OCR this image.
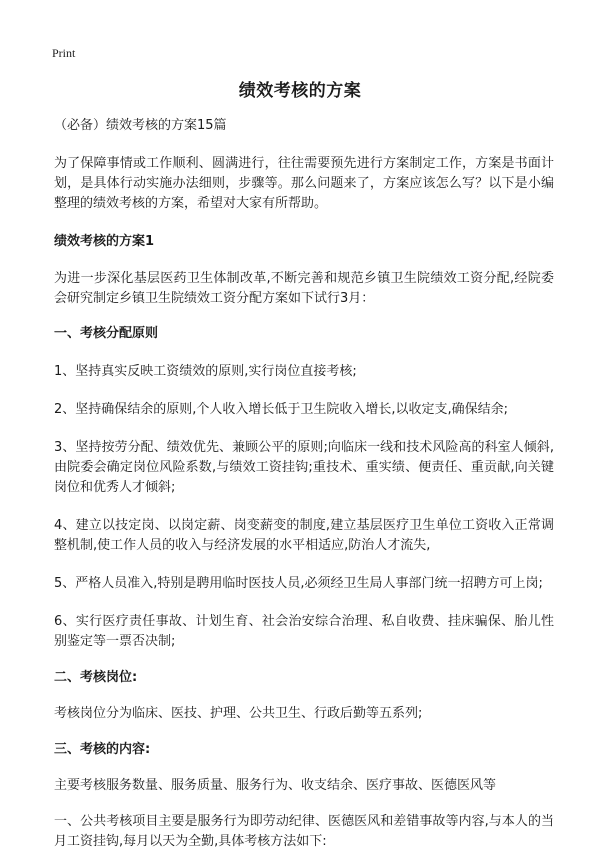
Print
绩效考核的方案
（必备）绩效考核的方案15篇

为了保障事情或工作顺利、圆满进行，往往需要预先进行方案制定工作，方案是书面计划，是具体行动实施办法细则，步骤等。那么问题来了，方案应该怎么写？以下是小编整理的绩效考核的方案，希望对大家有所帮助。

绩效考核的方案1

为进一步深化基层医药卫生体制改革,不断完善和规范乡镇卫生院绩效工资分配,经院委会研究制定乡镇卫生院绩效工资分配方案如下试行3月：

一、考核分配原则

1、坚持真实反映工资绩效的原则,实行岗位直接考核;

2、坚持确保结余的原则,个人收入增长低于卫生院收入增长,以收定支,确保结余;

3、坚持按劳分配、绩效优先、兼顾公平的原则;向临床一线和技术风险高的科室人倾斜,由院委会确定岗位风险系数,与绩效工资挂钩;重技术、重实绩、便责任、重贡献,向关键岗位和优秀人才倾斜;

4、建立以技定岗、以岗定薪、岗变薪变的制度,建立基层医疗卫生单位工资收入正常调整机制,使工作人员的收入与经济发展的水平相适应,防治人才流失,

5、严格人员准入,特别是聘用临时医技人员,必须经卫生局人事部门统一招聘方可上岗;

6、实行医疗责任事故、计划生育、社会治安综合治理、私自收费、挂床骗保、胎儿性别鉴定等一票否决制;

二、考核岗位:

考核岗位分为临床、医技、护理、公共卫生、行政后勤等五系列;

三、考核的内容:

主要考核服务数量、服务质量、服务行为、收支结余、医疗事故、医德医风等

一、公共考核项目主要是服务行为即劳动纪律、医德医风和差错事故等内容,与本人的当月工资挂钩,每月以天为全勤,具体考核方法如下:
